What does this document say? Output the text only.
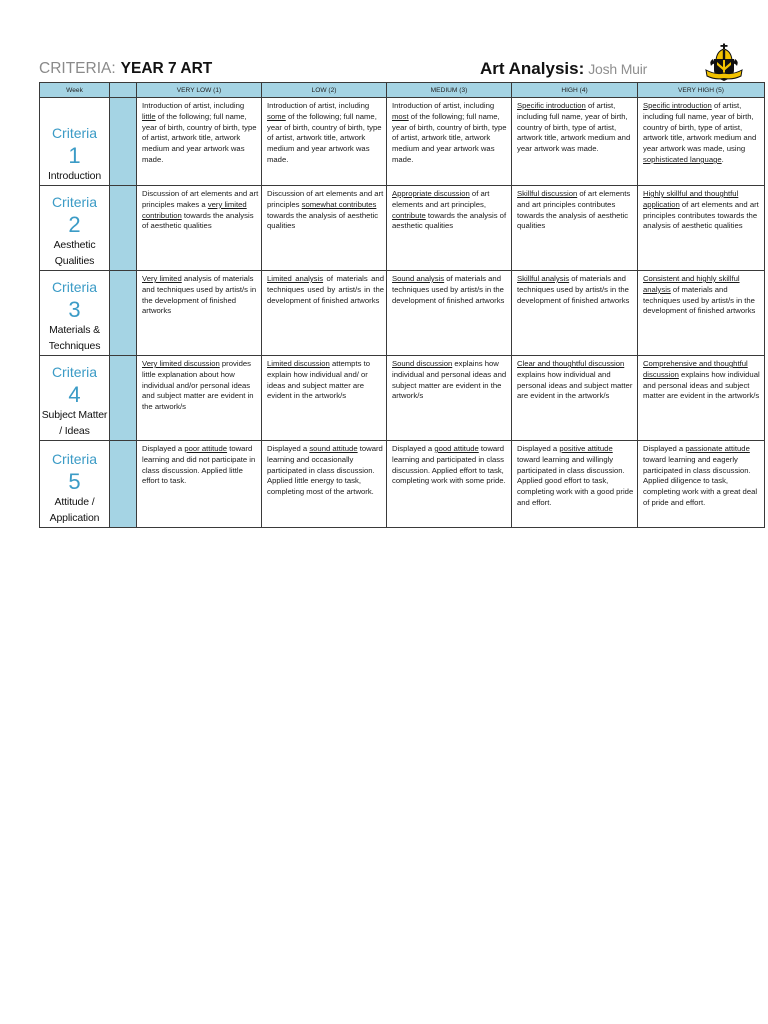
CRITERIA: YEAR 7 ART	Art Analysis: Josh Muir
Week		VERY LOW (1)	LOW (2)	MEDIUM (3)	HIGH (4)	VERY HIGH (5)

Criteria
1
Introduction		Introduction of artist, including little of the following; full name, year of birth, country of birth, type of artist, artwork title, artwork medium and year artwork was made.	Introduction of artist, including some of the following; full name, year of birth, country of birth, type of artist, artwork title, artwork medium and year artwork was made.	Introduction of artist, including most of the following; full name, year of birth, country of birth, type of artist, artwork title, artwork medium and year artwork was made.	Specific introduction of artist, including full name, year of birth, country of birth, type of artist, artwork title, artwork medium and year artwork was made.	Specific introduction of artist, including full name, year of birth, country of birth, type of artist, artwork title, artwork medium and year artwork was made, using sophisticated language.

Criteria
2
Aesthetic
Qualities		Discussion of art elements and art principles makes a very limited contribution towards the analysis of aesthetic qualities	Discussion of art elements and art principles somewhat contributes towards the analysis of aesthetic qualities	Appropriate discussion of art elements and art principles, contribute towards the analysis of aesthetic qualities	Skillful discussion of art elements and art principles contributes towards the analysis of aesthetic qualities	Highly skillful and thoughtful application of art elements and art principles contributes towards the analysis of aesthetic qualities

Criteria
3
Materials &
Techniques		Very limited analysis of materials and techniques used by artist/s in the development of finished artworks	Limited analysis of materials and techniques used by artist/s in the development of finished artworks	Sound analysis of materials and techniques used by artist/s in the development of finished artworks	Skillful analysis of materials and techniques used by artist/s in the development of finished artworks	Consistent and highly skillful analysis of materials and techniques used by artist/s in the development of finished artworks

Criteria
4
Subject Matter
/ Ideas		Very limited discussion provides little explanation about how individual and/or personal ideas and subject matter are evident in the artwork/s	Limited discussion attempts to explain how individual and/ or ideas and subject matter are evident in the artwork/s	Sound discussion explains how individual and personal ideas and subject matter are evident in the artwork/s	Clear and thoughtful discussion explains how individual and personal ideas and subject matter are evident in the artwork/s	Comprehensive and thoughtful discussion explains how individual and personal ideas and subject matter are evident in the artwork/s

Criteria
5
Attitude /
Application		Displayed a poor attitude toward learning and did not participate in class discussion. Applied little effort to task.	Displayed a sound attitude toward learning and occasionally participated in class discussion. Applied little energy to task, completing most of the artwork.	Displayed a good attitude toward learning and participated in class discussion. Applied effort to task, completing work with some pride.	Displayed a positive attitude toward learning and willingly participated in class discussion. Applied good effort to task, completing work with a good pride and effort.	Displayed a passionate attitude toward learning and eagerly participated in class discussion. Applied diligence to task, completing work with a great deal of pride and effort.
